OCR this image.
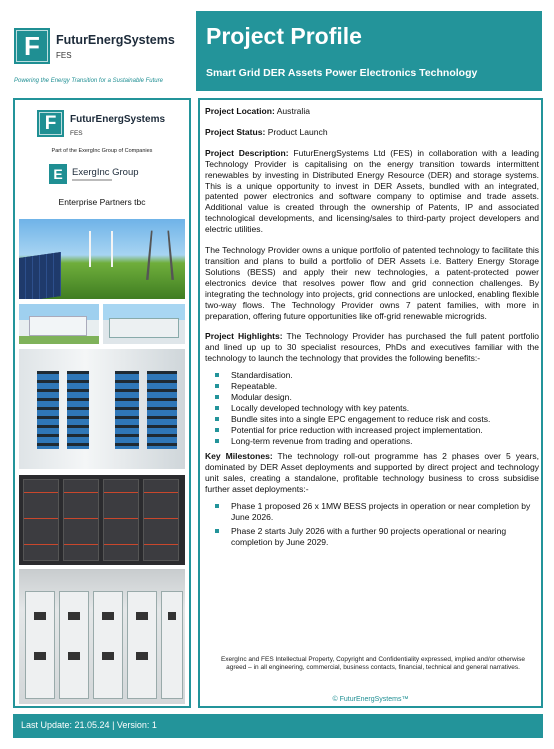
F	FuturEnergSystems
FES
Powering the Energy Transition for a Sustainable Future
Project Profile
Smart Grid DER Assets Power Electronics Technology
F	FuturEnergSystems
FES
Part of the ExergInc Group of Companies
E ExergInc Group
Enterprise Partners tbc

Project Location: Australia

Project Status: Product Launch

Project Description: FuturEnergSystems Ltd (FES) in collaboration with a leading Technology Provider is capitalising on the energy transition towards intermittent renewables by investing in Distributed Energy Resource (DER) and storage systems. This is a unique opportunity to invest in DER Assets, bundled with an integrated, patented power electronics and software company to optimise and trade assets. Additional value is created through the ownership of Patents, IP and associated technological developments, and licensing/sales to third-party project developers and electric utilities.

The Technology Provider owns a unique portfolio of patented technology to facilitate this transition and plans to build a portfolio of DER Assets i.e. Battery Energy Storage Solutions (BESS) and apply their new technologies, a patent-protected power electronics device that resolves power flow and grid connection challenges. By integrating the technology into projects, grid connections are unlocked, enabling flexible two-way flows. The Technology Provider owns 7 patent families, with more in preparation, offering future opportunities like off-grid renewable microgrids.

Project Highlights: The Technology Provider has purchased the full patent portfolio and lined up up to 30 specialist resources, PhDs and executives familiar with the technology to launch the technology that provides the following benefits:-

Standardisation.
Repeatable.
Modular design.
Locally developed technology with key patents.
Bundle sites into a single EPC engagement to reduce risk and costs.
Potential for price reduction with increased project implementation.
Long-term revenue from trading and operations.

Key Milestones: The technology roll-out programme has 2 phases over 5 years, dominated by DER Asset deployments and supported by direct project and technology unit sales, creating a standalone, profitable technology business to cross subsidise further asset deployments:-

Phase 1 proposed 26 x 1MW BESS projects in operation or near completion by June 2026.
Phase 2 starts July 2026 with a further 90 projects operational or nearing completion by June 2029.
ExergInc and FES Intellectual Property, Copyright and Confidentiality expressed, implied and/or otherwise agreed – in all engineering, commercial, business contacts, financial, technical and general narratives.
© FuturEnergSystems™
Last Update: 21.05.24 | Version: 1
